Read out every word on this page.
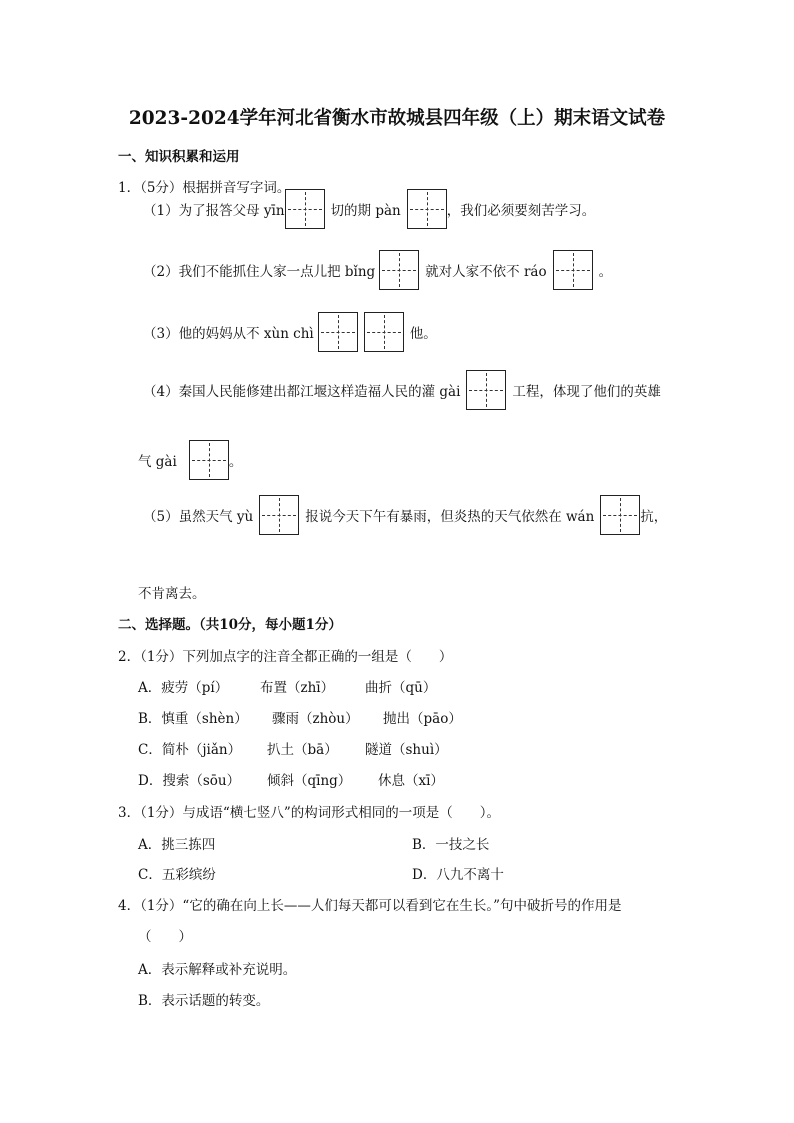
2023-2024学年河北省衡水市故城县四年级（上）期末语文试卷
一、知识积累和运用
1．（5分）根据拼音写字词。
（1）为了报答父母 yīn	切的期 pàn	，我们必须要刻苦学习。
（2）我们不能抓住人家一点儿把 bǐng	就对人家不依不 ráo	。
（3）他的妈妈从不 xùn chì	他。
（4）秦国人民能修建出都江堰这样造福人民的灌 gài	工程，体现了他们的英雄
气 gài	。
（5）虽然天气 yù	报说今天下午有暴雨，但炎热的天气依然在 wán	抗，
不肯离去。
二、选择题。（共10分，每小题1分）
2．（1分）下列加点字的注音全都正确的一组是（　　）
A．疲劳（pí） 布置（zhī） 曲折（qū）
B．慎重（shèn） 骤雨（zhòu） 抛出（pāo）
C．简朴（jiǎn） 扒土（bā） 隧道（shuì）
D．搜索（sōu） 倾斜（qīng） 休息（xī）
3．（1分）与成语“横七竖八”的构词形式相同的一项是（　　）。
A．挑三拣四	B．一技之长
C．五彩缤纷	D．八九不离十
4．（1分）“它的确在向上长——人们每天都可以看到它在生长。”句中破折号的作用是
（　　）
A．表示解释或补充说明。
B．表示话题的转变。
